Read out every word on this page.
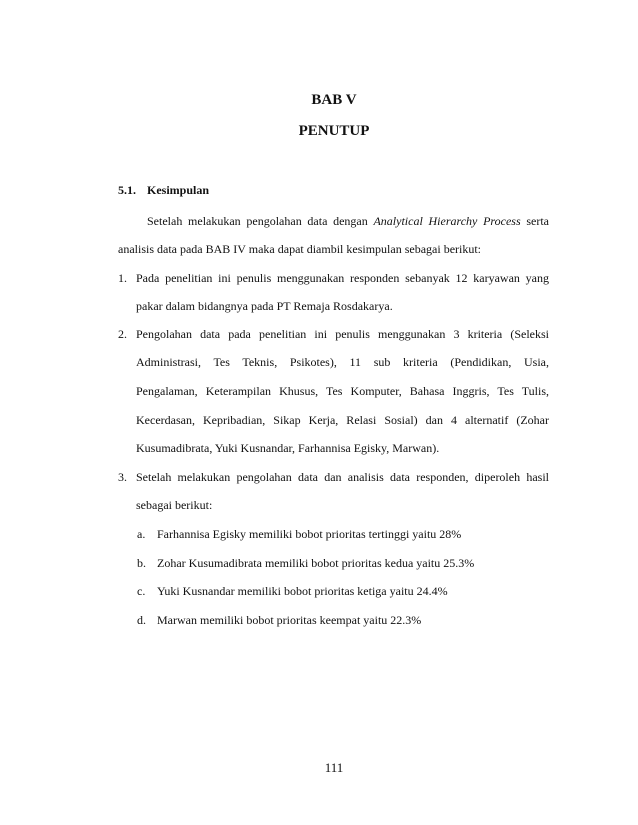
BAB V
PENUTUP
5.1. Kesimpulan
Setelah melakukan pengolahan data dengan Analytical Hierarchy Process serta
analisis data pada BAB IV maka dapat diambil kesimpulan sebagai berikut:
1. Pada penelitian ini penulis menggunakan responden sebanyak 12 karyawan yang
pakar dalam bidangnya pada PT Remaja Rosdakarya.
2. Pengolahan data pada penelitian ini penulis menggunakan 3 kriteria (Seleksi
Administrasi, Tes Teknis, Psikotes), 11 sub kriteria (Pendidikan, Usia,
Pengalaman, Keterampilan Khusus, Tes Komputer, Bahasa Inggris, Tes Tulis,
Kecerdasan, Kepribadian, Sikap Kerja, Relasi Sosial) dan 4 alternatif (Zohar
Kusumadibrata, Yuki Kusnandar, Farhannisa Egisky, Marwan).
3. Setelah melakukan pengolahan data dan analisis data responden, diperoleh hasil
sebagai berikut:
a. Farhannisa Egisky memiliki bobot prioritas tertinggi yaitu 28%
b. Zohar Kusumadibrata memiliki bobot prioritas kedua yaitu 25.3%
c. Yuki Kusnandar memiliki bobot prioritas ketiga yaitu 24.4%
d. Marwan memiliki bobot prioritas keempat yaitu 22.3%
111
